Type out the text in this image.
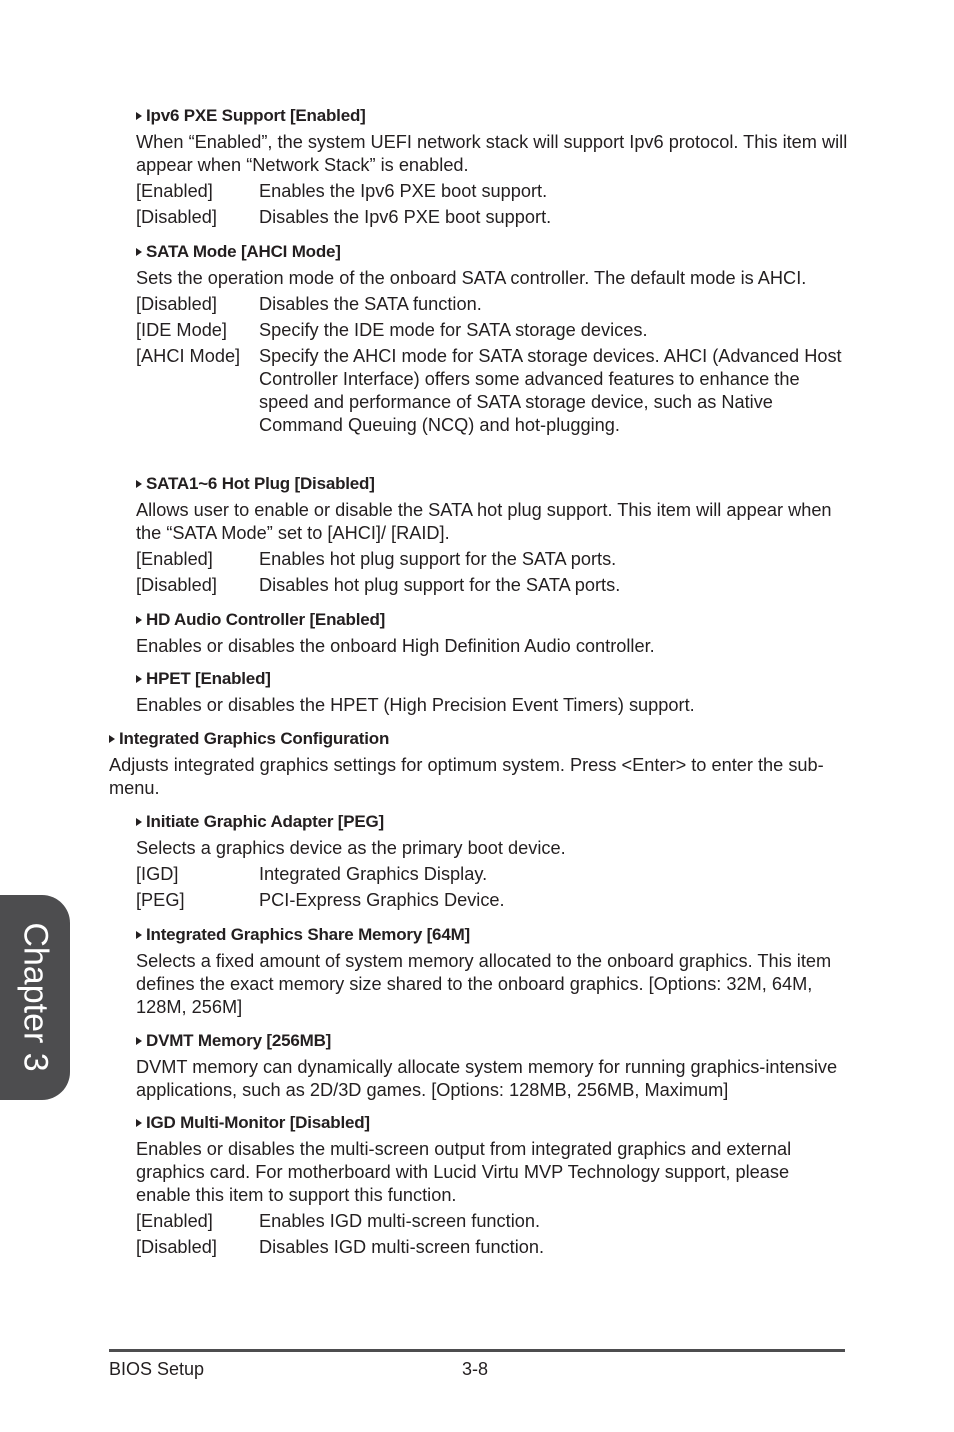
Ipv6 PXE Support [Enabled]
When “Enabled”, the system UEFI network stack will support Ipv6 protocol. This item will appear when “Network Stack” is enabled.
[Enabled]	Enables the Ipv6 PXE boot support.
[Disabled]	Disables the Ipv6 PXE boot support.
SATA Mode [AHCI Mode]
Sets the operation mode of the onboard SATA controller. The default mode is AHCI.
[Disabled]	Disables the SATA function.
[IDE Mode]	Specify the IDE mode for SATA storage devices.
[AHCI Mode]	Specify the AHCI mode for SATA storage devices. AHCI (Advanced Host Controller Interface) offers some advanced features to enhance the speed and performance of SATA storage device, such as Native Command Queuing (NCQ) and hot-plugging.
SATA1~6 Hot Plug [Disabled]
Allows user to enable or disable the SATA hot plug support. This item will appear when the “SATA Mode” set to [AHCI]/ [RAID].
[Enabled]	Enables hot plug support for the SATA ports.
[Disabled]	Disables hot plug support for the SATA ports.
HD Audio Controller [Enabled]
Enables or disables the onboard High Definition Audio controller.
HPET [Enabled]
Enables or disables the HPET (High Precision Event Timers) support.
Integrated Graphics Configuration
Adjusts integrated graphics settings for optimum system. Press <Enter> to enter the sub-menu.
Initiate Graphic Adapter [PEG]
Selects a graphics device as the primary boot device.
[IGD]	Integrated Graphics Display.
[PEG]	PCI-Express Graphics Device.
Integrated Graphics Share Memory [64M]
Selects a fixed amount of system memory allocated to the onboard graphics. This item defines the exact memory size shared to the onboard graphics. [Options: 32M, 64M, 128M, 256M]
DVMT Memory [256MB]
DVMT memory can dynamically allocate system memory for running graphics-intensive applications, such as 2D/3D games. [Options: 128MB, 256MB, Maximum]
IGD Multi-Monitor [Disabled]
Enables or disables the multi-screen output from integrated graphics and external graphics card. For motherboard with Lucid Virtu MVP Technology support, please enable this item to support this function.
[Enabled]	Enables IGD multi-screen function.
[Disabled]	Disables IGD multi-screen function.
Chapter 3
BIOS Setup	3-8
